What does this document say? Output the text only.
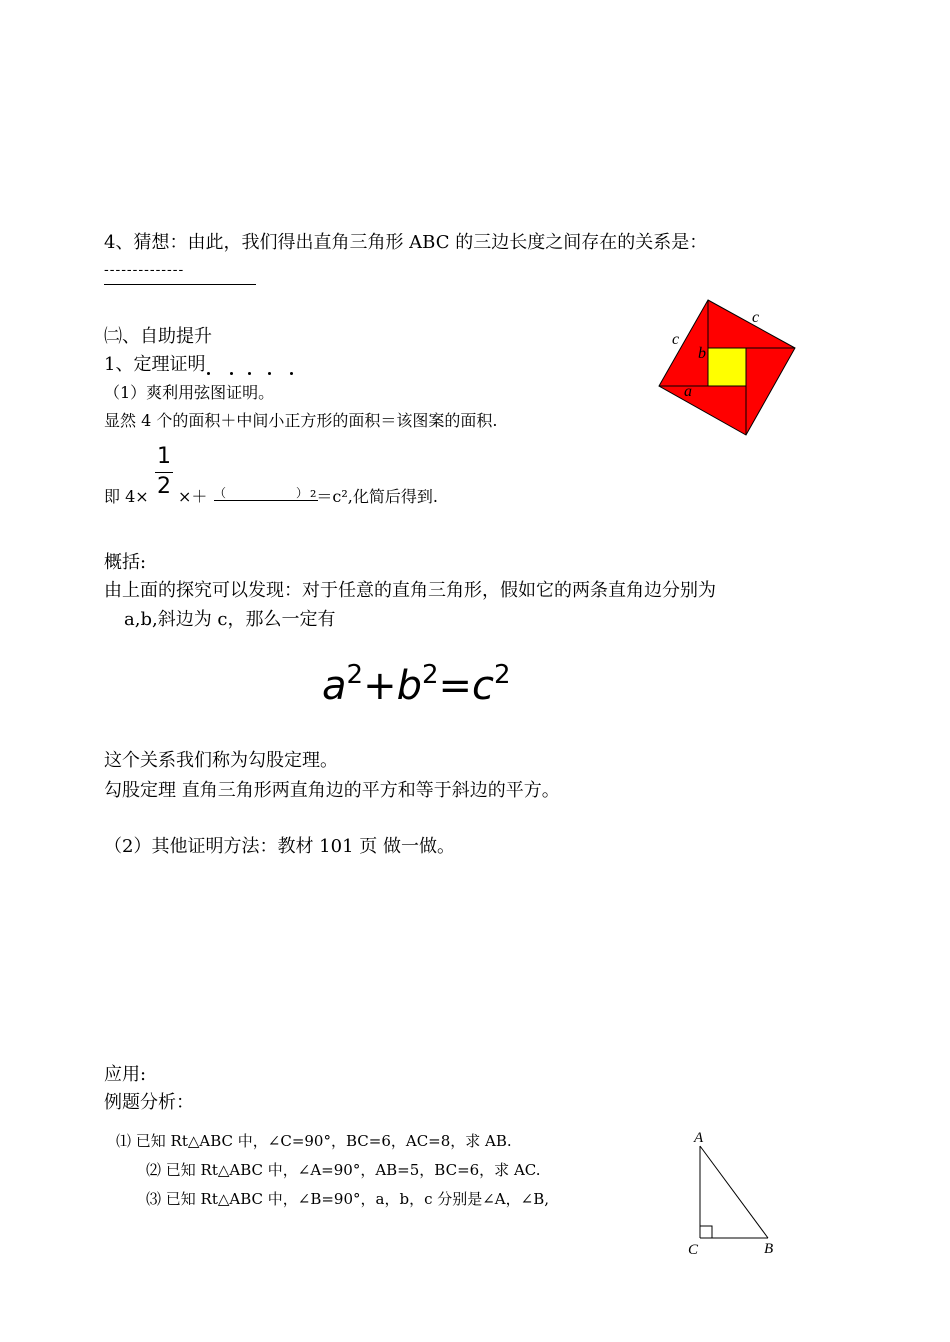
4、猜想：由此，我们得出直角三角形 ABC 的三边长度之间存在的关系是：
--------------
㈡、自助提升
1、定理证明
（1）爽利用弦图证明。
显然 4 个的面积＋中间小正方形的面积＝该图案的面积.
即 4×
1
2 ×＋ （	） ²＝c²,化简后得到.
c
c
b
a
概括:
由上面的探究可以发现：对于任意的直角三角形，假如它的两条直角边分别为
a,b,斜边为 c，那么一定有
$a^2+b^2=c^2$
这个关系我们称为勾股定理。
勾股定理 直角三角形两直角边的平方和等于斜边的平方。
（2）其他证明方法：教材 101 页 做一做。
应用:
例题分析：
⑴ 已知 Rt△ABC 中，∠C=90°，BC=6，AC=8，求 AB.
⑵ 已知 Rt△ABC 中，∠A=90°，AB=5，BC=6，求 AC.
⑶ 已知 Rt△ABC 中，∠B=90°，a，b，c 分别是∠A，∠B,
A
C	B
